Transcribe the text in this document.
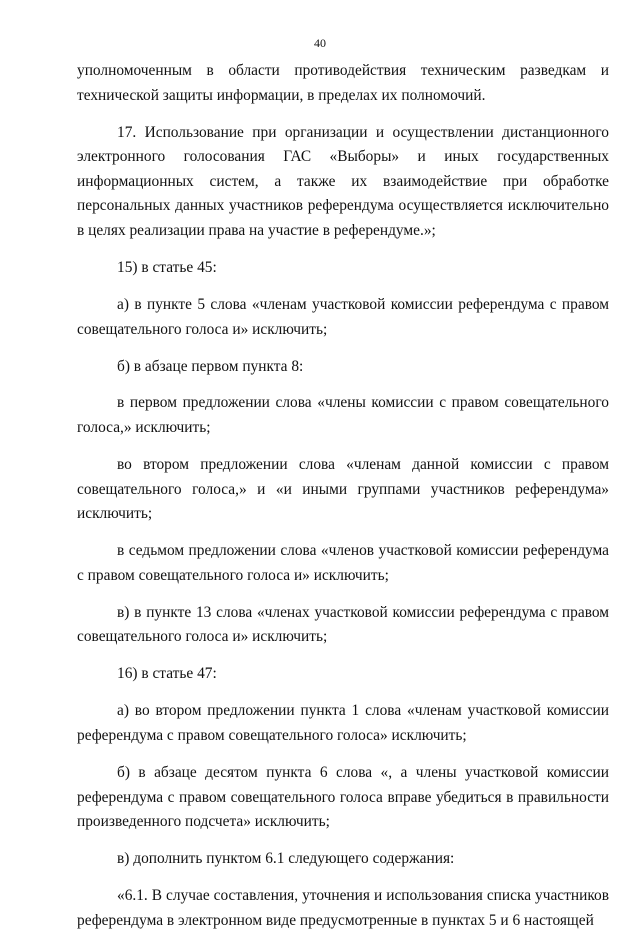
40

уполномоченным в области противодействия техническим разведкам и технической защиты информации, в пределах их полномочий.

17. Использование при организации и осуществлении дистанционного электронного голосования ГАС «Выборы» и иных государственных информационных систем, а также их взаимодействие при обработке персональных данных участников референдума осуществляется исключительно в целях реализации права на участие в референдуме.»;

15) в статье 45:

а) в пункте 5 слова «членам участковой комиссии референдума с правом совещательного голоса и» исключить;

б) в абзаце первом пункта 8:

в первом предложении слова «члены комиссии с правом совещательного голоса,» исключить;

во втором предложении слова «членам данной комиссии с правом совещательного голоса,» и «и иными группами участников референдума» исключить;

в седьмом предложении слова «членов участковой комиссии референдума с правом совещательного голоса и» исключить;

в) в пункте 13 слова «членах участковой комиссии референдума с правом совещательного голоса и» исключить;

16) в статье 47:

а) во втором предложении пункта 1 слова «членам участковой комиссии референдума с правом совещательного голоса» исключить;

б) в абзаце десятом пункта 6 слова «, а члены участковой комиссии референдума с правом совещательного голоса вправе убедиться в правильности произведенного подсчета» исключить;

в) дополнить пунктом 6.1 следующего содержания:

«6.1. В случае составления, уточнения и использования списка участников референдума в электронном виде предусмотренные в пунктах 5 и 6 настоящей
